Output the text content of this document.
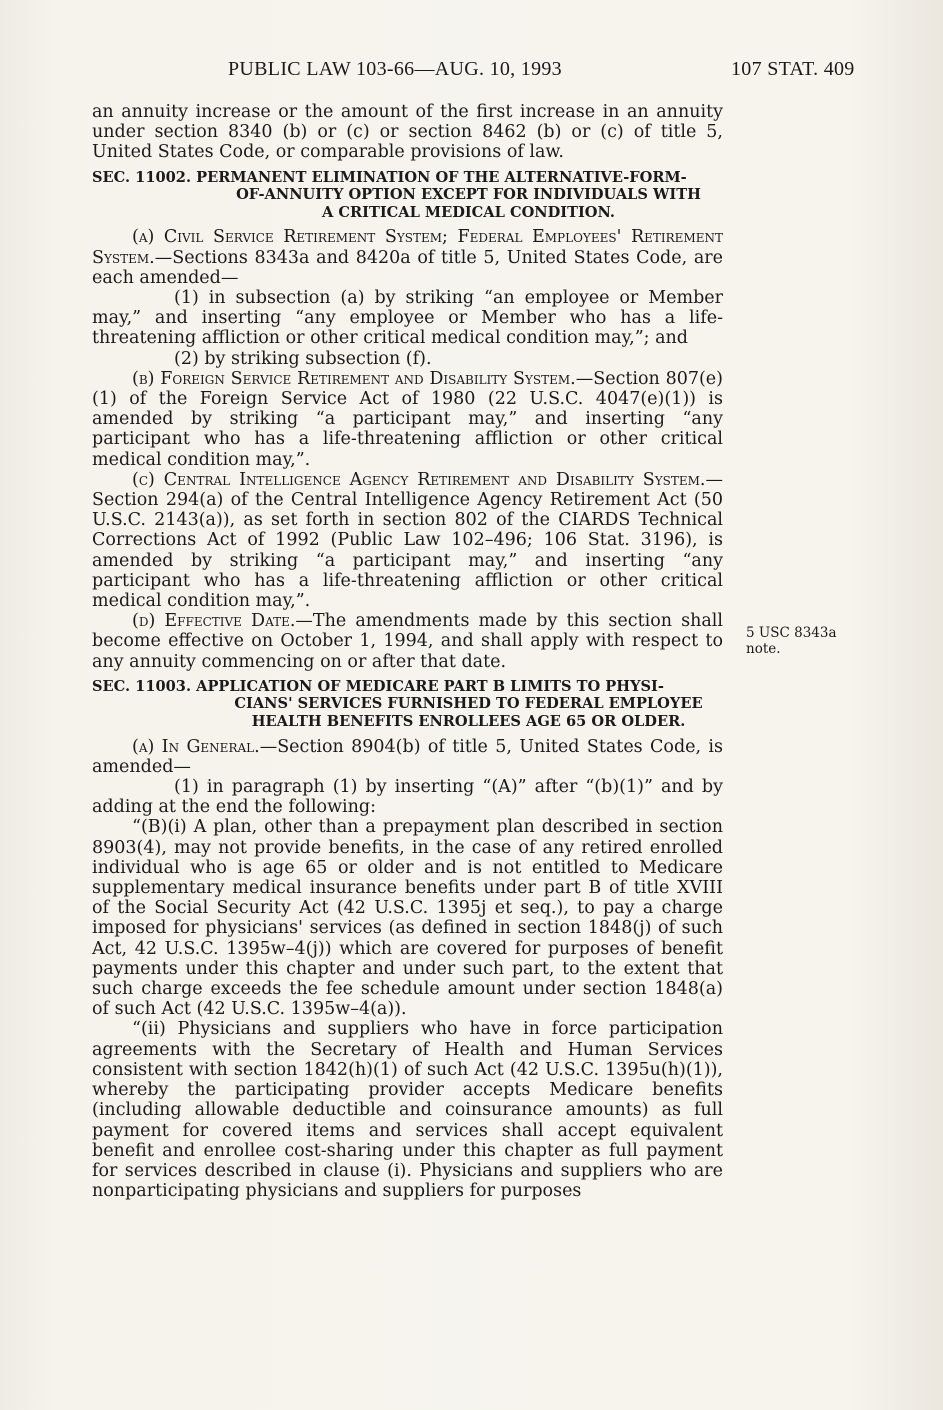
PUBLIC LAW 103-66—AUG. 10, 1993	107 STAT. 409

an annuity increase or the amount of the first increase in an annuity under section 8340 (b) or (c) or section 8462 (b) or (c) of title 5, United States Code, or comparable provisions of law.

SEC. 11002. PERMANENT ELIMINATION OF THE ALTERNATIVE-FORM-
OF-ANNUITY OPTION EXCEPT FOR INDIVIDUALS WITH
A CRITICAL MEDICAL CONDITION.

(a) Civil Service Retirement System; Federal Employees' Retirement System.—Sections 8343a and 8420a of title 5, United States Code, are each amended—

(1) in subsection (a) by striking “an employee or Member may,” and inserting “any employee or Member who has a life-threatening affliction or other critical medical condition may,”; and

(2) by striking subsection (f).

(b) Foreign Service Retirement and Disability System.—Section 807(e)(1) of the Foreign Service Act of 1980 (22 U.S.C. 4047(e)(1)) is amended by striking “a participant may,” and inserting “any participant who has a life-threatening affliction or other critical medical condition may,”.

(c) Central Intelligence Agency Retirement and Disability System.—Section 294(a) of the Central Intelligence Agency Retirement Act (50 U.S.C. 2143(a)), as set forth in section 802 of the CIARDS Technical Corrections Act of 1992 (Public Law 102–496; 106 Stat. 3196), is amended by striking “a participant may,” and inserting “any participant who has a life-threatening affliction or other critical medical condition may,”.

(d) Effective Date.—The amendments made by this section shall become effective on October 1, 1994, and shall apply with respect to any annuity commencing on or after that date.

SEC. 11003. APPLICATION OF MEDICARE PART B LIMITS TO PHYSI-
CIANS' SERVICES FURNISHED TO FEDERAL EMPLOYEE
HEALTH BENEFITS ENROLLEES AGE 65 OR OLDER.

(a) In General.—Section 8904(b) of title 5, United States Code, is amended—

(1) in paragraph (1) by inserting “(A)” after “(b)(1)” and by adding at the end the following:

“(B)(i) A plan, other than a prepayment plan described in section 8903(4), may not provide benefits, in the case of any retired enrolled individual who is age 65 or older and is not entitled to Medicare supplementary medical insurance benefits under part B of title XVIII of the Social Security Act (42 U.S.C. 1395j et seq.), to pay a charge imposed for physicians' services (as defined in section 1848(j) of such Act, 42 U.S.C. 1395w–4(j)) which are covered for purposes of benefit payments under this chapter and under such part, to the extent that such charge exceeds the fee schedule amount under section 1848(a) of such Act (42 U.S.C. 1395w–4(a)).

“(ii) Physicians and suppliers who have in force participation agreements with the Secretary of Health and Human Services consistent with section 1842(h)(1) of such Act (42 U.S.C. 1395u(h)(1)), whereby the participating provider accepts Medicare benefits (including allowable deductible and coinsurance amounts) as full payment for covered items and services shall accept equivalent benefit and enrollee cost-sharing under this chapter as full payment for services described in clause (i). Physicians and suppliers who are nonparticipating physicians and suppliers for purposes

5 USC 8343a
note.
